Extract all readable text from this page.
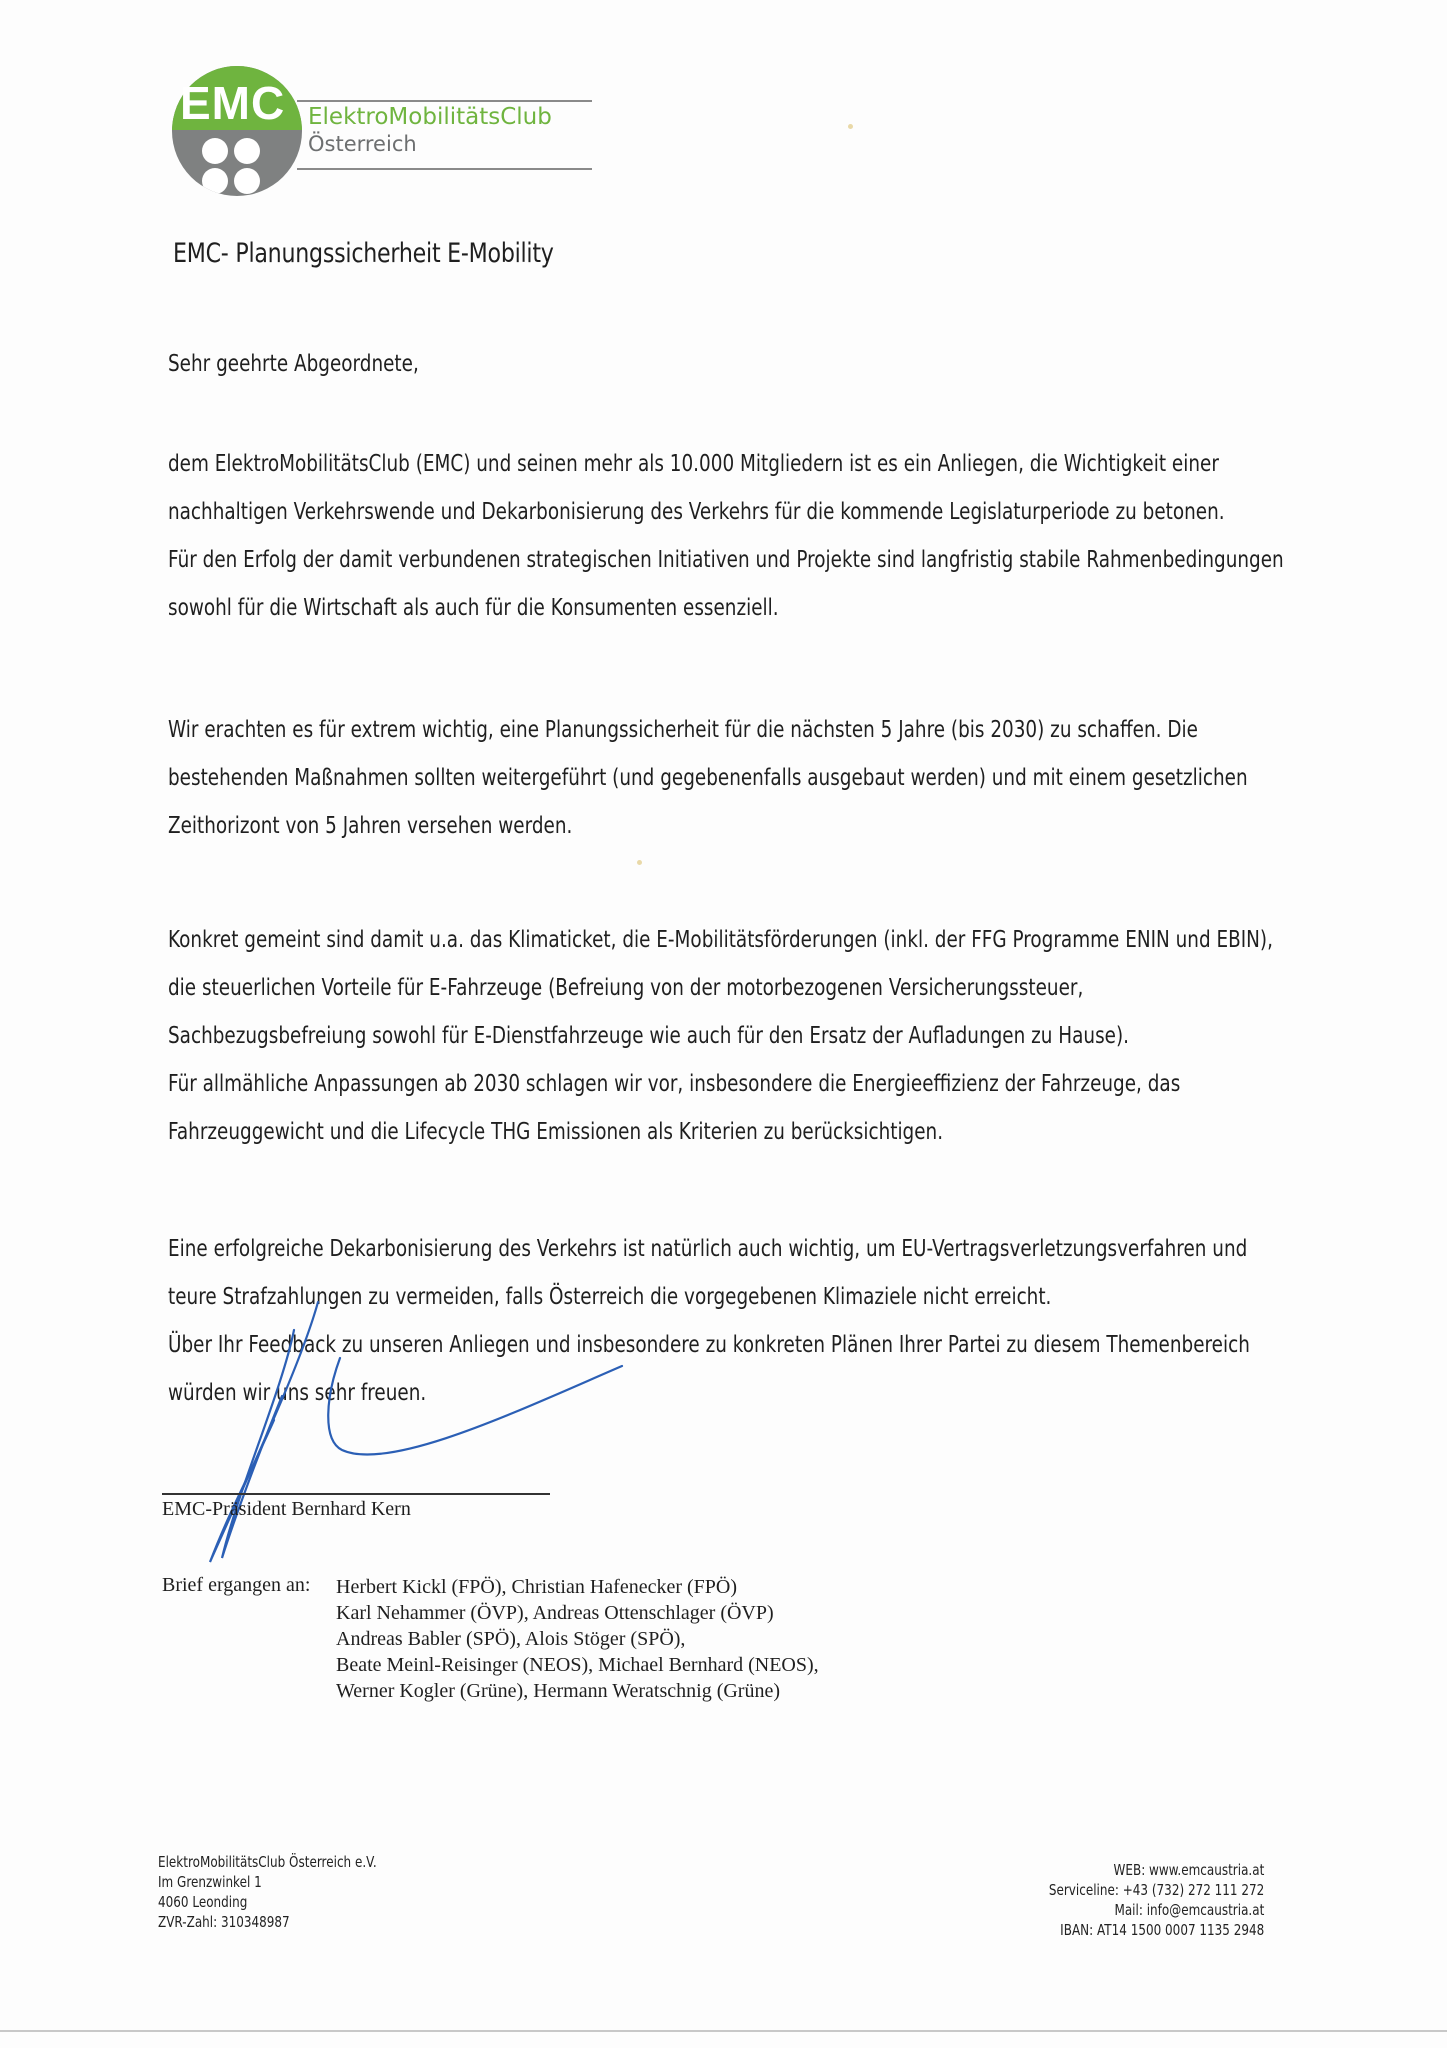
EMC ElektroMobilitätsClub
Österreich
EMC- Planungssicherheit E-Mobility
Sehr geehrte Abgeordnete,

dem ElektroMobilitätsClub (EMC) und seinen mehr als 10.000 Mitgliedern ist es ein Anliegen, die Wichtigkeit einer

nachhaltigen Verkehrswende und Dekarbonisierung des Verkehrs für die kommende Legislaturperiode zu betonen.

Für den Erfolg der damit verbundenen strategischen Initiativen und Projekte sind langfristig stabile Rahmenbedingungen

sowohl für die Wirtschaft als auch für die Konsumenten essenziell.

Wir erachten es für extrem wichtig, eine Planungssicherheit für die nächsten 5 Jahre (bis 2030) zu schaffen. Die

bestehenden Maßnahmen sollten weitergeführt (und gegebenenfalls ausgebaut werden) und mit einem gesetzlichen

Zeithorizont von 5 Jahren versehen werden.

Konkret gemeint sind damit u.a. das Klimaticket, die E-Mobilitätsförderungen (inkl. der FFG Programme ENIN und EBIN),

die steuerlichen Vorteile für E-Fahrzeuge (Befreiung von der motorbezogenen Versicherungssteuer,

Sachbezugsbefreiung sowohl für E-Dienstfahrzeuge wie auch für den Ersatz der Aufladungen zu Hause).

Für allmähliche Anpassungen ab 2030 schlagen wir vor, insbesondere die Energieeffizienz der Fahrzeuge, das

Fahrzeuggewicht und die Lifecycle THG Emissionen als Kriterien zu berücksichtigen.

Eine erfolgreiche Dekarbonisierung des Verkehrs ist natürlich auch wichtig, um EU-Vertragsverletzungsverfahren und

teure Strafzahlungen zu vermeiden, falls Österreich die vorgegebenen Klimaziele nicht erreicht.

Über Ihr Feedback zu unseren Anliegen und insbesondere zu konkreten Plänen Ihrer Partei zu diesem Themenbereich

würden wir uns sehr freuen.

EMC-Präsident Bernhard Kern
Brief ergangen an: Herbert Kickl (FPÖ), Christian Hafenecker (FPÖ)
Karl Nehammer (ÖVP), Andreas Ottenschlager (ÖVP)
Andreas Babler (SPÖ), Alois Stöger (SPÖ),
Beate Meinl-Reisinger (NEOS), Michael Bernhard (NEOS),
Werner Kogler (Grüne), Hermann Weratschnig (Grüne)
ElektroMobilitätsClub Österreich e.V.
Im Grenzwinkel 1
4060 Leonding
ZVR-Zahl: 310348987
WEB: www.emcaustria.at
Serviceline: +43 (732) 272 111 272
Mail: info@emcaustria.at
IBAN: AT14 1500 0007 1135 2948
